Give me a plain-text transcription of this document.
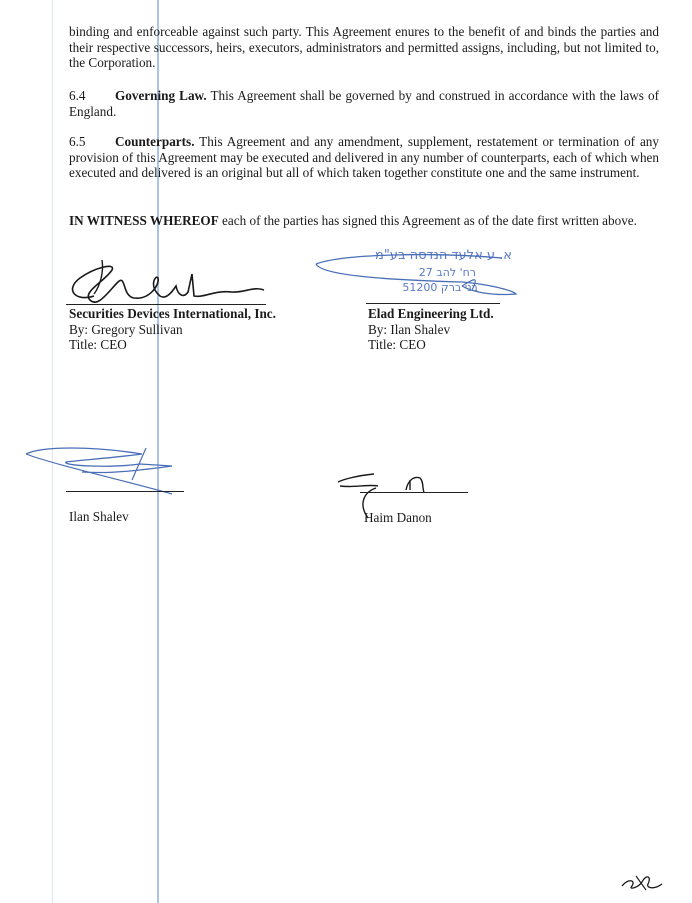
binding and enforceable against such party. This Agreement enures to the benefit of and binds the parties and their respective successors, heirs, executors, administrators and permitted assigns, including, but not limited to, the Corporation.
6.4 Governing Law. This Agreement shall be governed by and construed in accordance with the laws of England.
6.5 Counterparts. This Agreement and any amendment, supplement, restatement or termination of any provision of this Agreement may be executed and delivered in any number of counterparts, each of which when executed and delivered is an original but all of which taken together constitute one and the same instrument.
IN WITNESS WHEREOF each of the parties has signed this Agreement as of the date first written above.
Securities Devices International, Inc.
By: Gregory Sullivan
Title: CEO
א. ע אלעד הנדסה בע"מ
רח' להב 27
בני ברק 51200
Elad Engineering Ltd.
By: Ilan Shalev
Title: CEO
Ilan Shalev	Haim Danon
